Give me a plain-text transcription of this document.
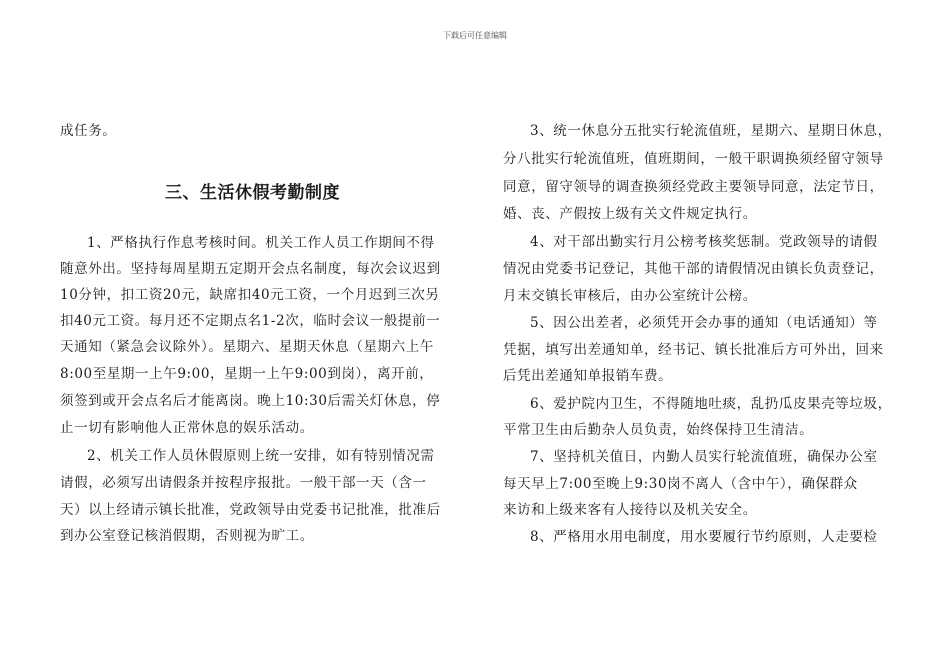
下载后可任意编辑
成任务。
三、生活休假考勤制度
1、严格执行作息考核时间。机关工作人员工作期间不得
随意外出。坚持每周星期五定期开会点名制度，每次会议迟到
10分钟，扣工资20元，缺席扣40元工资，一个月迟到三次另
扣40元工资。每月还不定期点名1-2次，临时会议一般提前一
天通知（紧急会议除外）。星期六、星期天休息（星期六上午
8:00至星期一上午9:00，星期一上午9:00到岗），离开前，
须签到或开会点名后才能离岗。晚上10:30后需关灯休息，停
止一切有影响他人正常休息的娱乐活动。
2、机关工作人员休假原则上统一安排，如有特别情况需
请假，必须写出请假条并按程序报批。一般干部一天（含一
天）以上经请示镇长批准，党政领导由党委书记批准，批准后
到办公室登记核消假期，否则视为旷工。
3、统一休息分五批实行轮流值班，星期六、星期日休息，
分八批实行轮流值班，值班期间，一般干职调换须经留守领导
同意，留守领导的调查换须经党政主要领导同意，法定节日，
婚、丧、产假按上级有关文件规定执行。
4、对干部出勤实行月公榜考核奖惩制。党政领导的请假
情况由党委书记登记，其他干部的请假情况由镇长负责登记，
月末交镇长审核后，由办公室统计公榜。
5、因公出差者，必须凭开会办事的通知（电话通知）等
凭据，填写出差通知单，经书记、镇长批准后方可外出，回来
后凭出差通知单报销车费。
6、爱护院内卫生，不得随地吐痰，乱扔瓜皮果壳等垃圾，
平常卫生由后勤杂人员负责，始终保持卫生清洁。
7、坚持机关值日，内勤人员实行轮流值班，确保办公室
每天早上7:00至晚上9:30岗不离人（含中午），确保群众
来访和上级来客有人接待以及机关安全。
8、严格用水用电制度，用水要履行节约原则，人走要检
